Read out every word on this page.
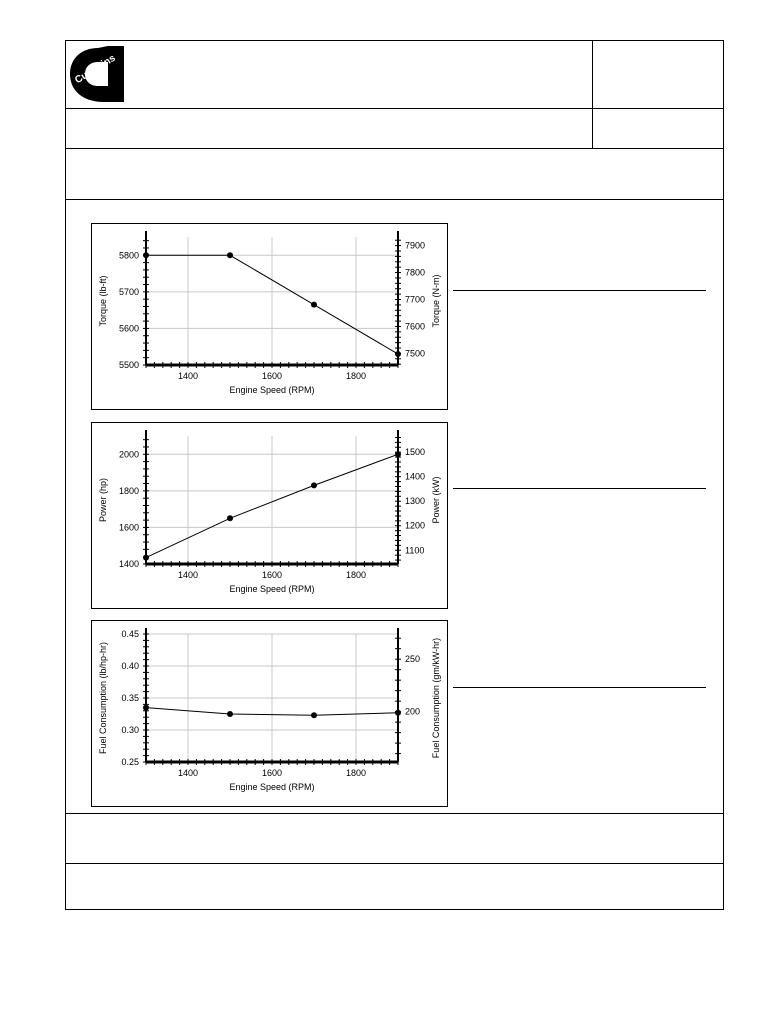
Cummins
1400	1600	1800
5500
5600
5700
5800
7500
7600
7700
7800
7900
Engine Speed (RPM)
Torque (lb-ft)	Torque (N-m)
1400	1600	1800
1400
1600
1800
2000
1100
1200
1300
1400
1500
Engine Speed (RPM)
Power (hp)	Power (kW)
1400	1600	1800
0.25
0.30
0.35
0.40
0.45
200
250
Engine Speed (RPM)
Fuel Consumption (lb/hp-hr)	Fuel Consumption (gm/kW-hr)
